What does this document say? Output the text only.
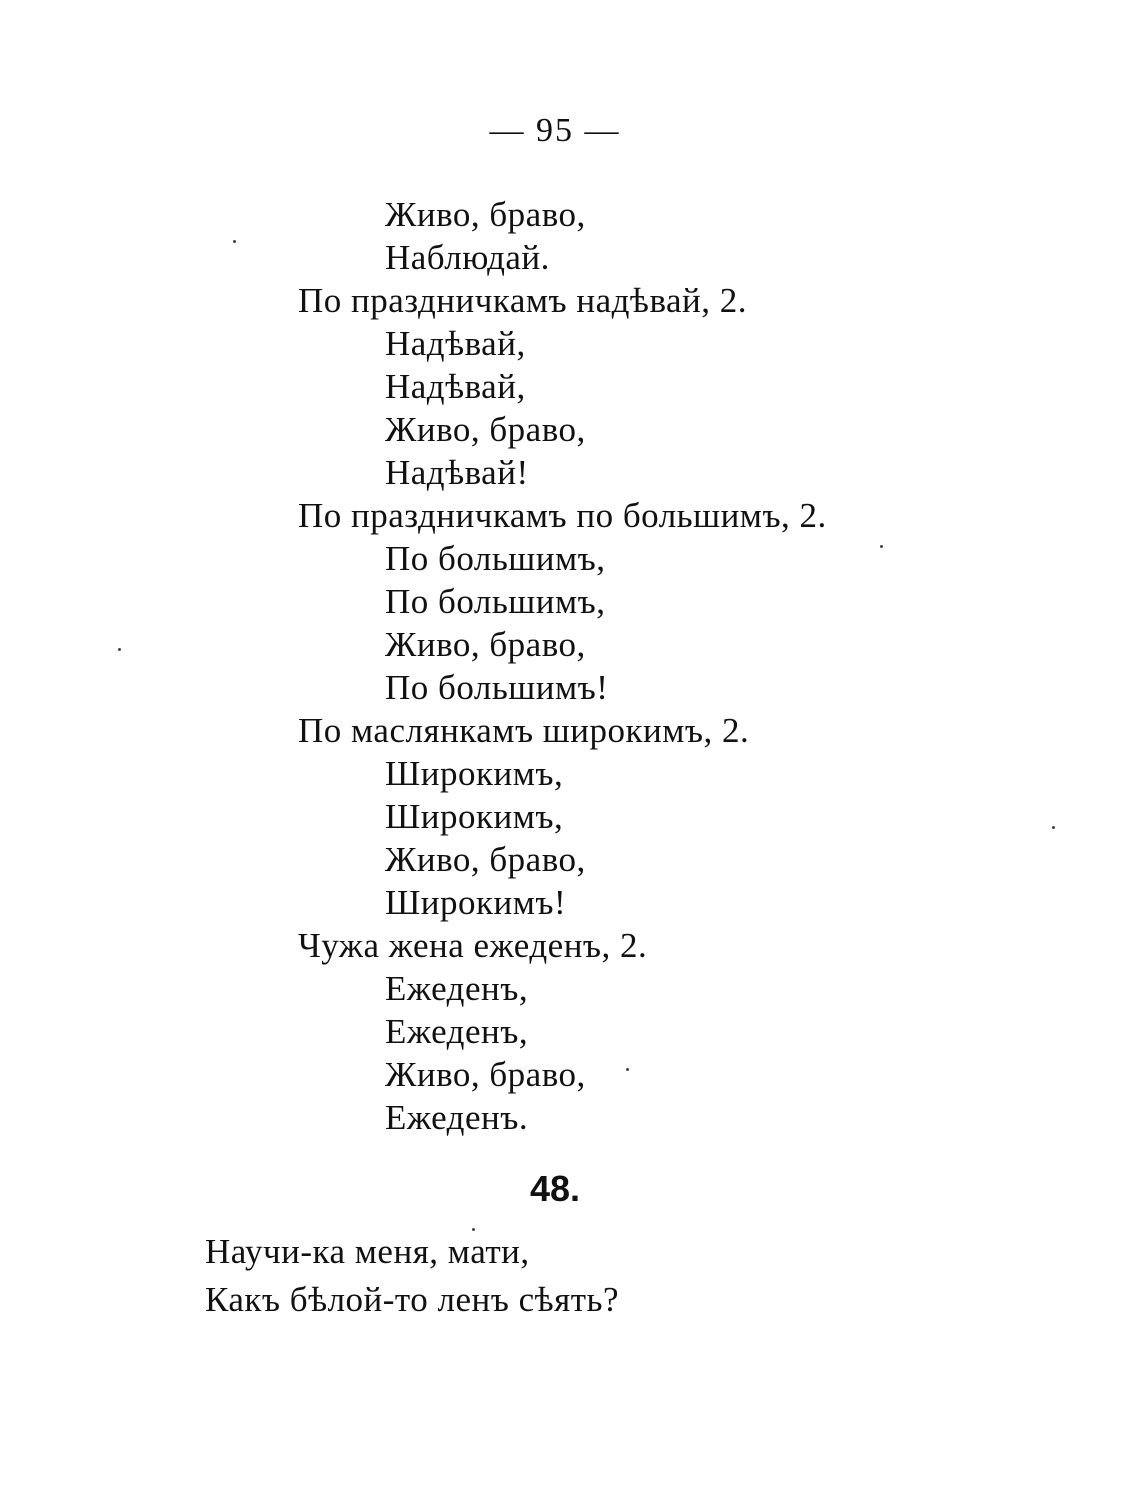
— 95 —
Живо, браво,
Наблюдай.
По праздничкамъ надѣвай, 2.
Надѣвай,
Надѣвай,
Живо, браво,
Надѣвай!
По праздничкамъ по большимъ, 2.
По большимъ,
По большимъ,
Живо, браво,
По большимъ!
По маслянкамъ широкимъ, 2.
Широкимъ,
Широкимъ,
Живо, браво,
Широкимъ!
Чужа жена ежеденъ, 2.
Ежеденъ,
Ежеденъ,
Живо, браво,
Ежеденъ.
48.
Научи-ка меня, мати,
Какъ бѣлой-то ленъ сѣять?
